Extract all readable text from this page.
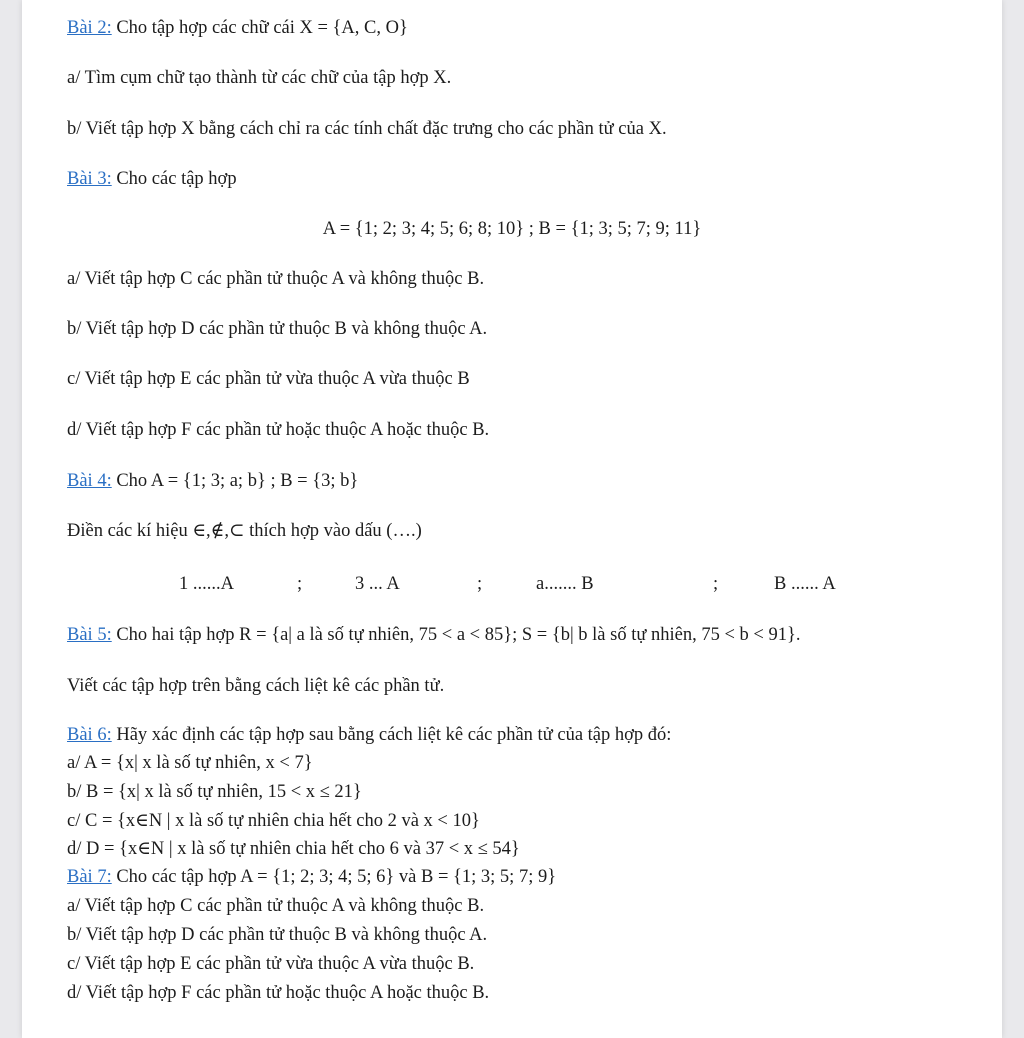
Bài 2: Cho tập hợp các chữ cái X = {A, C, O}
a/ Tìm cụm chữ tạo thành từ các chữ của tập hợp X.
b/ Viết tập hợp X bằng cách chỉ ra các tính chất đặc trưng cho các phần tử của X.
Bài 3: Cho các tập hợp
A = {1; 2; 3; 4; 5; 6; 8; 10} ; B = {1; 3; 5; 7; 9; 11}
a/ Viết tập hợp C các phần tử thuộc A và không thuộc B.
b/ Viết tập hợp D các phần tử thuộc B và không thuộc A.
c/ Viết tập hợp E các phần tử vừa thuộc A vừa thuộc B
d/ Viết tập hợp F các phần tử hoặc thuộc A hoặc thuộc B.
Bài 4: Cho A = {1; 3; a; b} ; B = {3; b}
Điền các kí hiệu ∈,∉,⊂ thích hợp vào dấu (….)
1 ......A	;	3 ... A	;	a....... B	;	B ...... A
Bài 5: Cho hai tập hợp R = {a| a là số tự nhiên, 75 < a < 85}; S = {b| b là số tự nhiên, 75 < b < 91}.
Viết các tập hợp trên bằng cách liệt kê các phần tử.
Bài 6: Hãy xác định các tập hợp sau bằng cách liệt kê các phần tử của tập hợp đó:
a/ A = {x| x là số tự nhiên, x < 7}
b/ B = {x| x là số tự nhiên, 15 < x ≤ 21}
c/ C = {x∈N | x là số tự nhiên chia hết cho 2 và x < 10}
d/ D = {x∈N | x là số tự nhiên chia hết cho 6 và 37 < x ≤ 54}
Bài 7: Cho các tập hợp A = {1; 2; 3; 4; 5; 6} và B = {1; 3; 5; 7; 9}
a/ Viết tập hợp C các phần tử thuộc A và không thuộc B.
b/ Viết tập hợp D các phần tử thuộc B và không thuộc A.
c/ Viết tập hợp E các phần tử vừa thuộc A vừa thuộc B.
d/ Viết tập hợp F các phần tử hoặc thuộc A hoặc thuộc B.
